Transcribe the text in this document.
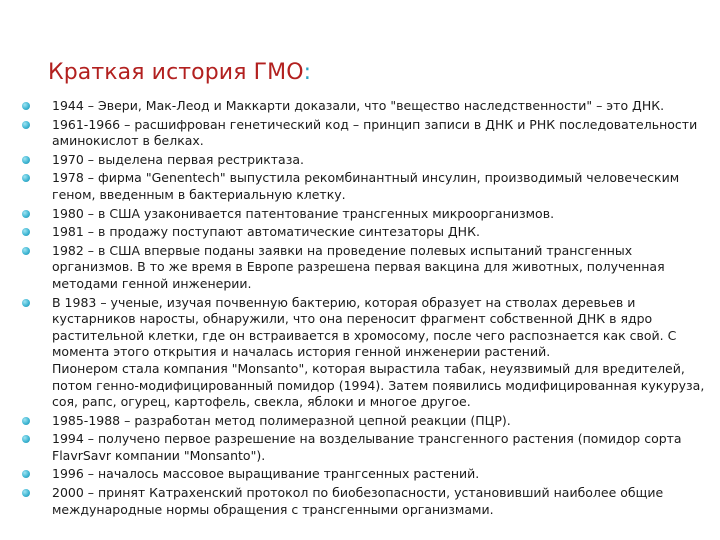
Краткая история ГМО:
1944 – Эвери, Мак-Леод и Маккарти доказали, что "вещество наследственности" – это ДНК.
1961-1966 – расшифрован генетический код – принцип записи в ДНК и РНК последовательности аминокислот в белках.
1970 – выделена первая рестриктаза.
1978 – фирма "Genentech" выпустила рекомбинантный инсулин, производимый человеческим геном, введенным в бактериальную клетку.
1980 – в США узаконивается патентование трансгенных микроорганизмов.
1981 – в продажу поступают автоматические синтезаторы ДНК.
1982 – в США впервые поданы заявки на проведение полевых испытаний трансгенных организмов. В то же время в Европе разрешена первая вакцина для животных, полученная методами генной инженерии.
В 1983 – ученые, изучая почвенную бактерию, которая образует на стволах деревьев и кустарников наросты, обнаружили, что она переносит фрагмент собственной ДНК в ядро растительной клетки, где он встраивается в хромосому, после чего распознается как свой. С момента этого открытия и началась история генной инженерии растений.
Пионером стала компания "Monsanto", которая вырастила табак, неуязвимый для вредителей, потом генно-модифицированный помидор (1994). Затем появились модифицированная кукуруза, соя, рапс, огурец, картофель, свекла, яблоки и многое другое.
1985-1988 – разработан метод полимеразной цепной реакции (ПЦР).
1994 – получено первое разрешение на возделывание трансгенного растения (помидор сорта FlavrSavr компании "Monsanto").
1996 – началось массовое выращивание трангсенных растений.
2000 – принят Катрахенский протокол по биобезопасности, установивший наиболее общие международные нормы обращения с трансгенными организмами.
